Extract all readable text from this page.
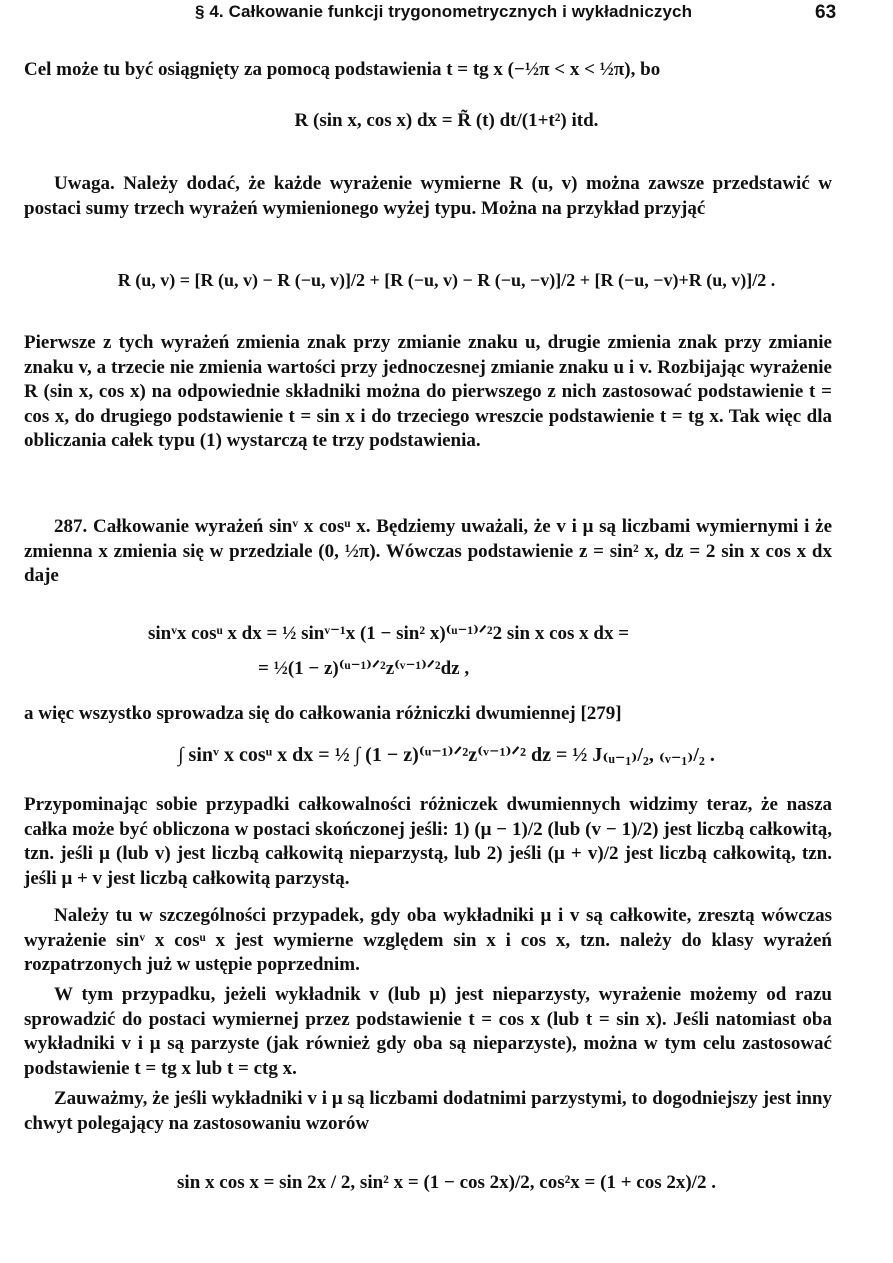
§ 4. Całkowanie funkcji trygonometrycznych i wykładniczych	63
Cel może tu być osiągnięty za pomocą podstawienia t = tg x (−½π < x < ½π), bo
R (sin x, cos x) dx = R̃ (t) dt/(1+t²) itd.
Uwaga. Należy dodać, że każde wyrażenie wymierne R (u, v) można zawsze przedstawić w postaci sumy trzech wyrażeń wymienionego wyżej typu. Można na przykład przyjąć
R (u, v) = [R (u, v) − R (−u, v)]/2 + [R (−u, v) − R (−u, −v)]/2 + [R (−u, −v)+R (u, v)]/2 .
Pierwsze z tych wyrażeń zmienia znak przy zmianie znaku u, drugie zmienia znak przy zmianie znaku v, a trzecie nie zmienia wartości przy jednoczesnej zmianie znaku u i v. Rozbijając wyrażenie R (sin x, cos x) na odpowiednie składniki można do pierwszego z nich zastosować podstawienie t = cos x, do drugiego podstawienie t = sin x i do trzeciego wreszcie podstawienie t = tg x. Tak więc dla obliczania całek typu (1) wystarczą te trzy podstawienia.
287. Całkowanie wyrażeń sinᵛ x cosᵘ x. Będziemy uważali, że v i μ są liczbami wymiernymi i że zmienna x zmienia się w przedziale (0, ½π). Wówczas podstawienie z = sin² x, dz = 2 sin x cos x dx daje
sinᵛx cosᵘ x dx = ½ sinᵛ⁻¹x (1 − sin² x)⁽ᵘ⁻¹⁾ᐟ²2 sin x cos x dx =
= ½(1 − z)⁽ᵘ⁻¹⁾ᐟ²z⁽ᵛ⁻¹⁾ᐟ²dz ,
a więc wszystko sprowadza się do całkowania różniczki dwumiennej [279]
∫ sinᵛ x cosᵘ x dx = ½ ∫ (1 − z)⁽ᵘ⁻¹⁾ᐟ²z⁽ᵛ⁻¹⁾ᐟ² dz = ½ J₍ᵤ₋₁₎/₂, ₍ᵥ₋₁₎/₂ .
Przypominając sobie przypadki całkowalności różniczek dwumiennych widzimy teraz, że nasza całka może być obliczona w postaci skończonej jeśli: 1) (μ − 1)/2 (lub (v − 1)/2) jest liczbą całkowitą, tzn. jeśli μ (lub v) jest liczbą całkowitą nieparzystą, lub 2) jeśli (μ + v)/2 jest liczbą całkowitą, tzn. jeśli μ + v jest liczbą całkowitą parzystą.
Należy tu w szczególności przypadek, gdy oba wykładniki μ i v są całkowite, zresztą wówczas wyrażenie sinᵛ x cosᵘ x jest wymierne względem sin x i cos x, tzn. należy do klasy wyrażeń rozpatrzonych już w ustępie poprzednim.
W tym przypadku, jeżeli wykładnik v (lub μ) jest nieparzysty, wyrażenie możemy od razu sprowadzić do postaci wymiernej przez podstawienie t = cos x (lub t = sin x). Jeśli natomiast oba wykładniki v i μ są parzyste (jak również gdy oba są nieparzyste), można w tym celu zastosować podstawienie t = tg x lub t = ctg x.
Zauważmy, że jeśli wykładniki v i μ są liczbami dodatnimi parzystymi, to dogodniejszy jest inny chwyt polegający na zastosowaniu wzorów
sin x cos x = sin 2x / 2, sin² x = (1 − cos 2x)/2, cos²x = (1 + cos 2x)/2 .
